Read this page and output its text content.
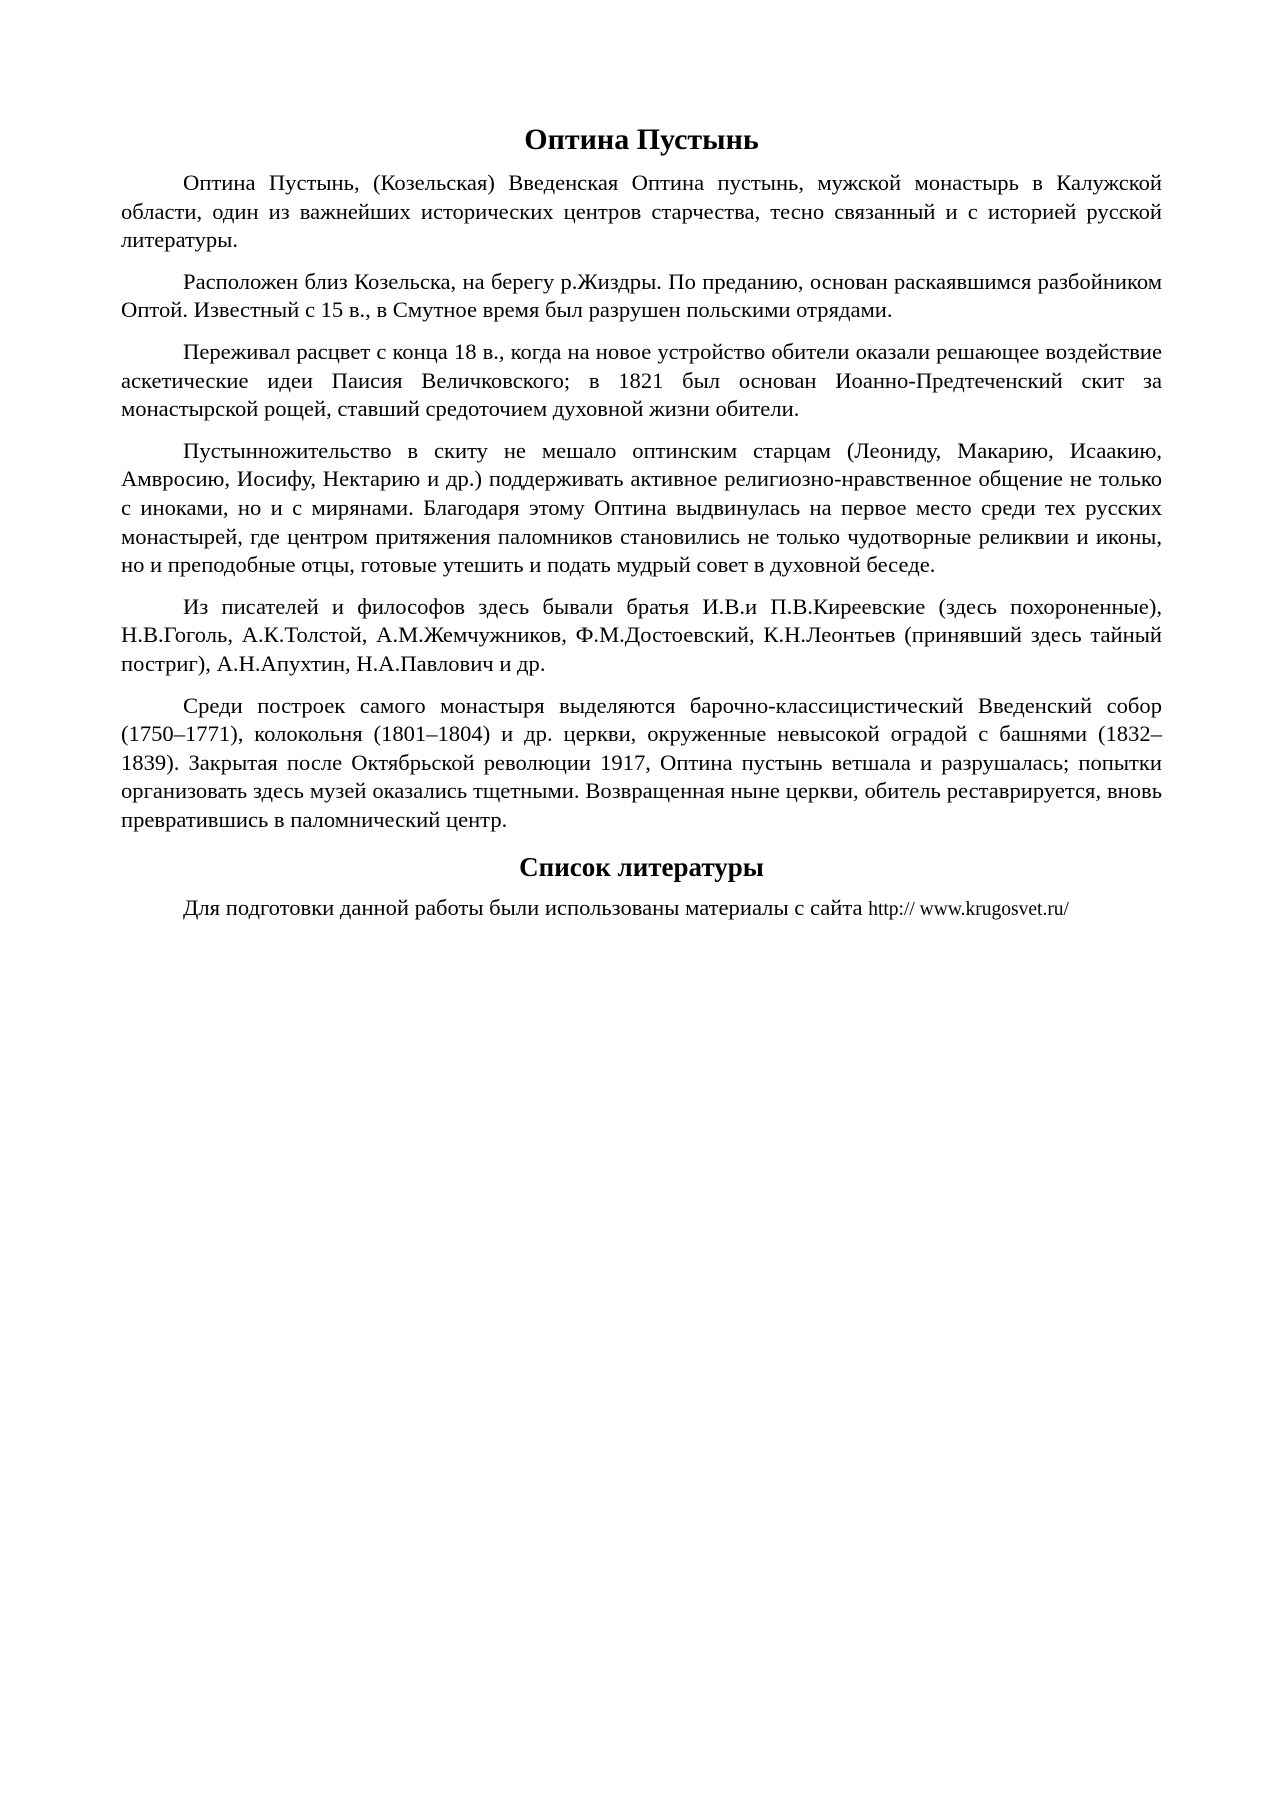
Оптина Пустынь

Оптина Пустынь, (Козельская) Введенская Оптина пустынь, мужской монастырь в Калужской области, один из важнейших исторических центров старчества, тесно связанный и с историей русской литературы.

Расположен близ Козельска, на берегу р.Жиздры. По преданию, основан раскаявшимся разбойником Оптой. Известный с 15 в., в Смутное время был разрушен польскими отрядами.

Переживал расцвет с конца 18 в., когда на новое устройство обители оказали решающее воздействие аскетические идеи Паисия Величковского; в 1821 был основан Иоанно-Предтеченский скит за монастырской рощей, ставший средоточием духовной жизни обители.

Пустынножительство в скиту не мешало оптинским старцам (Леониду, Макарию, Исаакию, Амвросию, Иосифу, Нектарию и др.) поддерживать активное религиозно-нравственное общение не только с иноками, но и с мирянами. Благодаря этому Оптина выдвинулась на первое место среди тех русских монастырей, где центром притяжения паломников становились не только чудотворные реликвии и иконы, но и преподобные отцы, готовые утешить и подать мудрый совет в духовной беседе.

Из писателей и философов здесь бывали братья И.В.и П.В.Киреевские (здесь похороненные), Н.В.Гоголь, А.К.Толстой, А.М.Жемчужников, Ф.М.Достоевский, К.Н.Леонтьев (принявший здесь тайный постриг), А.Н.Апухтин, Н.А.Павлович и др.

Среди построек самого монастыря выделяются барочно-классицистический Введенский собор (1750–1771), колокольня (1801–1804) и др. церкви, окруженные невысокой оградой с башнями (1832–1839). Закрытая после Октябрьской революции 1917, Оптина пустынь ветшала и разрушалась; попытки организовать здесь музей оказались тщетными. Возвращенная ныне церкви, обитель реставрируется, вновь превратившись в паломнический центр.

Список литературы

Для подготовки данной работы были использованы материалы с сайта http:// www.krugosvet.ru/
